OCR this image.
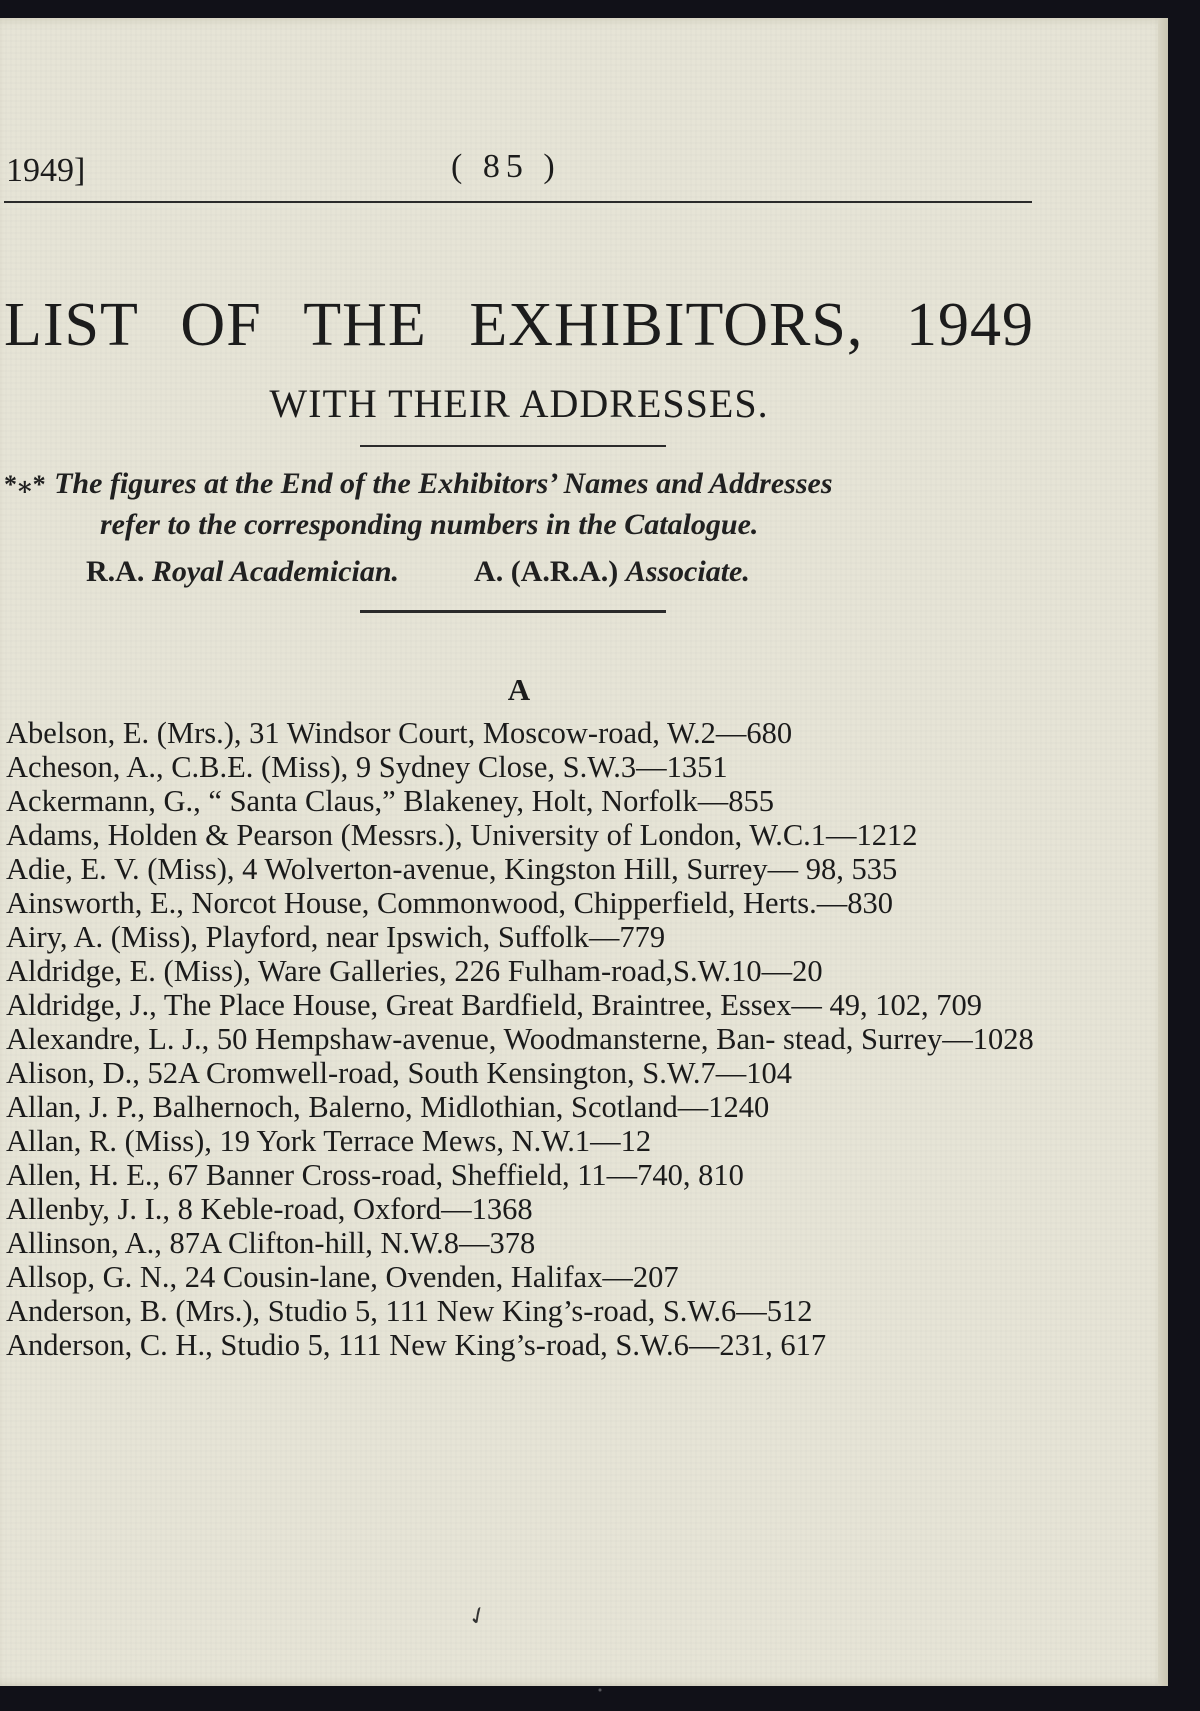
1949]	( 85 )
LIST OF THE EXHIBITORS, 1949
WITH THEIR ADDRESSES.
*⁎* The figures at the End of the Exhibitors’ Names and Addresses
refer to the corresponding numbers in the Catalogue.
R.A. Royal Academician.	A. (A.R.A.) Associate.
A
Abelson, E. (Mrs.), 31 Windsor Court, Moscow-road, W.2—680
Acheson, A., C.B.E. (Miss), 9 Sydney Close, S.W.3—1351
Ackermann, G., “ Santa Claus,” Blakeney, Holt, Norfolk—855
Adams, Holden & Pearson (Messrs.), University of London, W.C.1—1212
Adie, E. V. (Miss), 4 Wolverton-avenue, Kingston Hill, Surrey— 98, 535
Ainsworth, E., Norcot House, Commonwood, Chipperfield, Herts.—830
Airy, A. (Miss), Playford, near Ipswich, Suffolk—779
Aldridge, E. (Miss), Ware Galleries, 226 Fulham-road,S.W.10—20
Aldridge, J., The Place House, Great Bardfield, Braintree, Essex— 49, 102, 709
Alexandre, L. J., 50 Hempshaw-avenue, Woodmansterne, Ban- stead, Surrey—1028
Alison, D., 52A Cromwell-road, South Kensington, S.W.7—104
Allan, J. P., Balhernoch, Balerno, Midlothian, Scotland—1240
Allan, R. (Miss), 19 York Terrace Mews, N.W.1—12
Allen, H. E., 67 Banner Cross-road, Sheffield, 11—740, 810
Allenby, J. I., 8 Keble-road, Oxford—1368
Allinson, A., 87A Clifton-hill, N.W.8—378
Allsop, G. N., 24 Cousin-lane, Ovenden, Halifax—207
Anderson, B. (Mrs.), Studio 5, 111 New King’s-road, S.W.6—512
Anderson, C. H., Studio 5, 111 New King’s-road, S.W.6—231, 617
✓
